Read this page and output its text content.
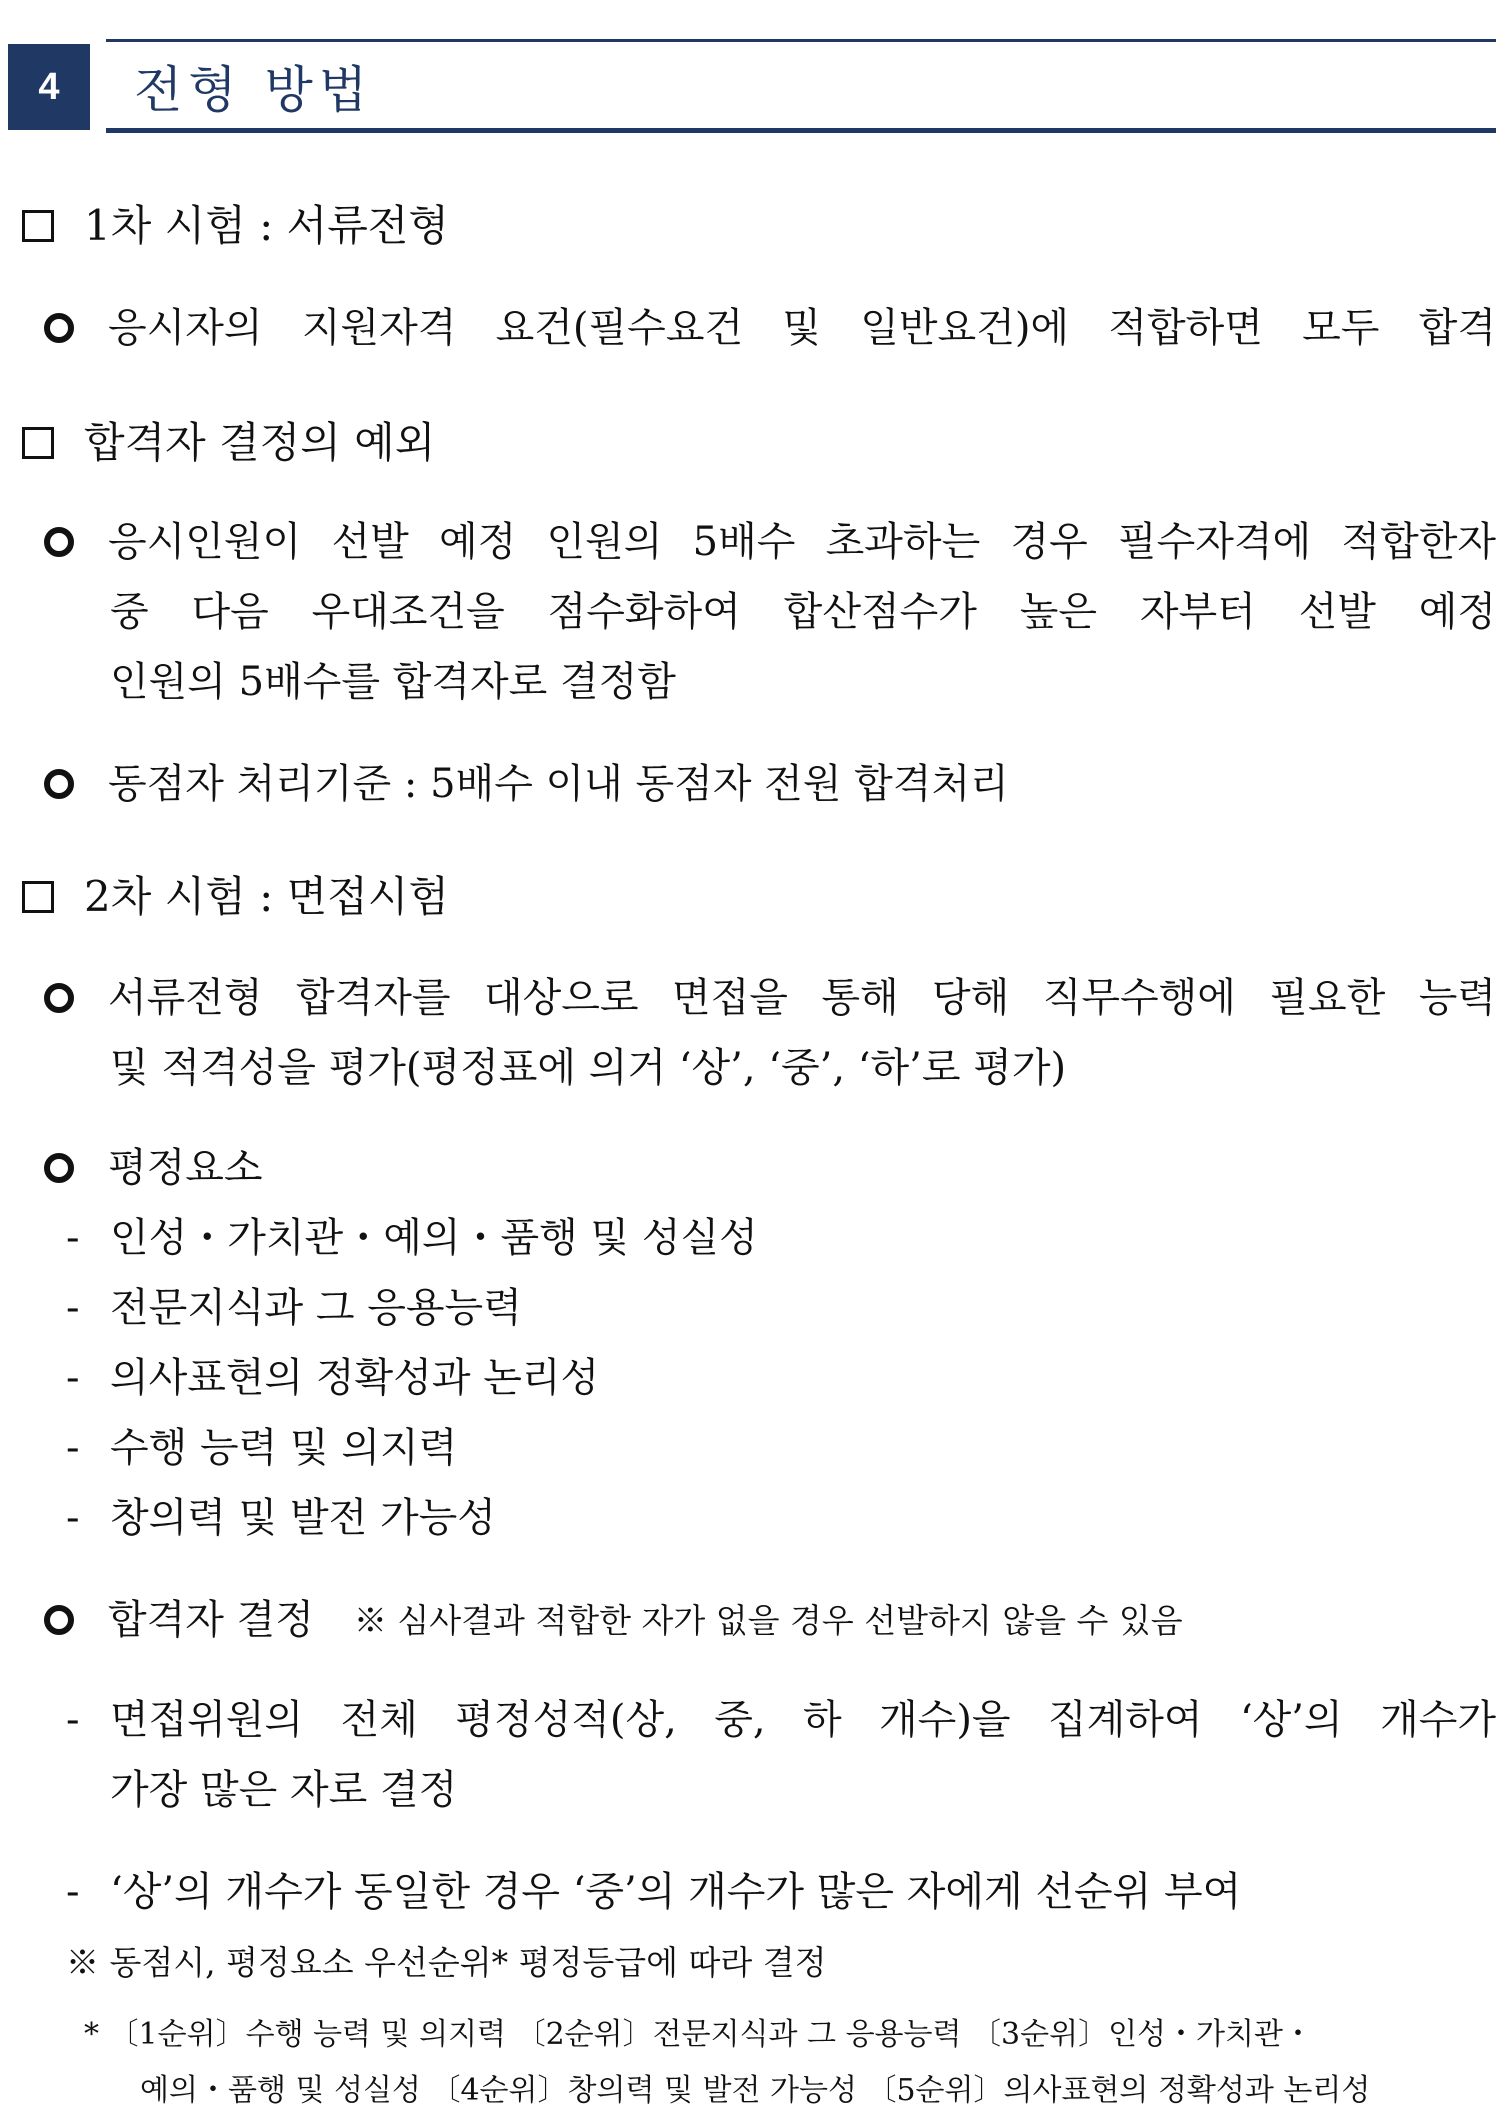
4	전형 방법
1차 시험 : 서류전형
응시자의 지원자격 요건(필수요건 및 일반요건)에 적합하면 모두 합격
합격자 결정의 예외
응시인원이 선발 예정 인원의 5배수 초과하는 경우 필수자격에 적합한자
중 다음 우대조건을 점수화하여 합산점수가 높은 자부터 선발 예정
인원의 5배수를 합격자로 결정함
동점자 처리기준 : 5배수 이내 동점자 전원 합격처리
2차 시험 : 면접시험
서류전형 합격자를 대상으로 면접을 통해 당해 직무수행에 필요한 능력
및 적격성을 평가(평정표에 의거 ‘상’, ‘중’, ‘하’로 평가)
평정요소
- 인성・가치관・예의・품행 및 성실성
- 전문지식과 그 응용능력
- 의사표현의 정확성과 논리성
- 수행 능력 및 의지력
- 창의력 및 발전 가능성
합격자 결정 ※ 심사결과 적합한 자가 없을 경우 선발하지 않을 수 있음
- 면접위원의 전체 평정성적(상, 중, 하 개수)을 집계하여 ‘상’의 개수가
가장 많은 자로 결정
- ‘상’의 개수가 동일한 경우 ‘중’의 개수가 많은 자에게 선순위 부여
※ 동점시, 평정요소 우선순위* 평정등급에 따라 결정
* 〔1순위〕수행 능력 및 의지력 〔2순위〕전문지식과 그 응용능력 〔3순위〕인성・가치관・
예의・품행 및 성실성 〔4순위〕창의력 및 발전 가능성 〔5순위〕의사표현의 정확성과 논리성
